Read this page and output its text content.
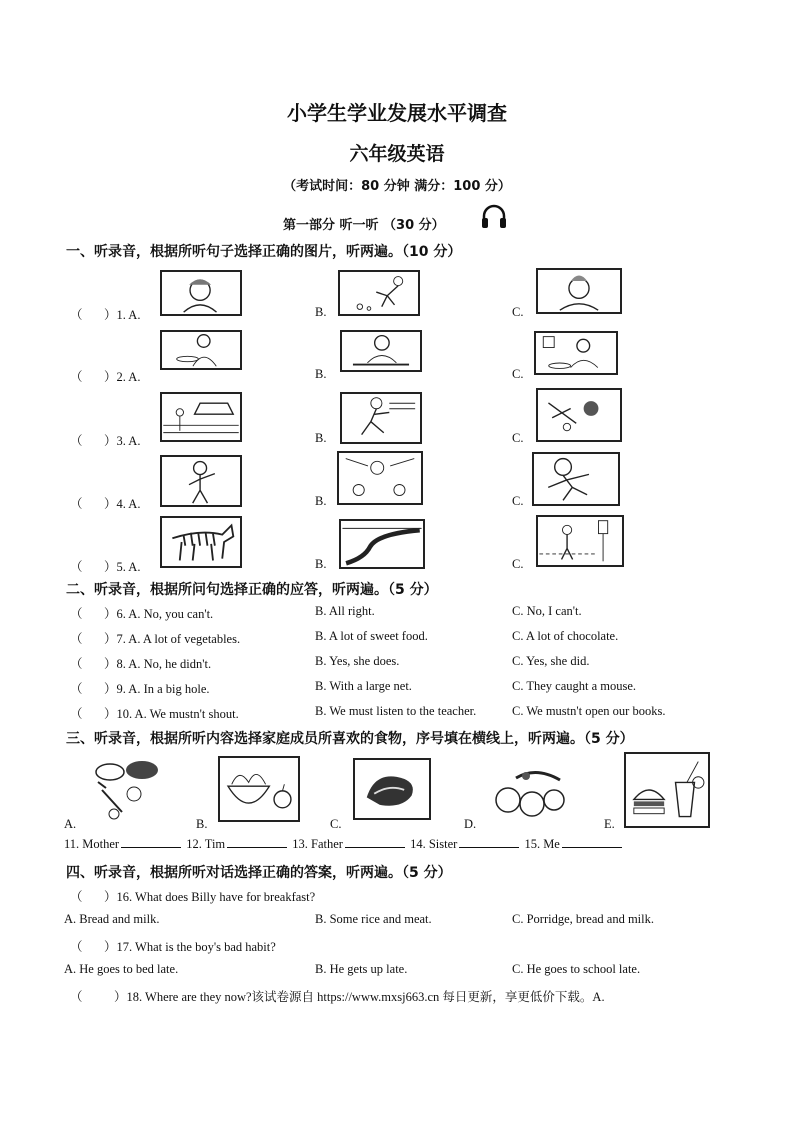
小学生学业发展水平调查
六年级英语
（考试时间：80 分钟 满分：100 分）
第一部分 听一听 （30 分）
一、听录音，根据所听句子选择正确的图片，听两遍。（10 分）
（ ）1. A.	B.	C.
（ ）2. A.	B.	C.
（ ）3. A.	B.	C.
（ ）4. A.	B.	C.
（ ）5. A.	B.	C.
二、听录音，根据所问句选择正确的应答，听两遍。（5 分）
（ ）6. A. No, you can't.	B. All right.	C. No, I can't.
（ ）7. A. A lot of vegetables.	B. A lot of sweet food.	C. A lot of chocolate.
（ ）8. A. No, he didn't.	B. Yes, she does.	C. Yes, she did.
（ ）9. A. In a big hole.	B. With a large net.	C. They caught a mouse.
（ ）10. A. We mustn't shout.	B. We must listen to the teacher.	C. We mustn't open our books.
三、听录音，根据所听内容选择家庭成员所喜欢的食物，序号填在横线上，听两遍。（5 分）
A.	B.	C.	D.	E.
11. Mother	12. Tim	13. Father	14. Sister	15. Me
四、听录音，根据所听对话选择正确的答案，听两遍。（5 分）
（ ）16. What does Billy have for breakfast?
A. Bread and milk.	B. Some rice and meat.	C. Porridge, bread and milk.
（ ）17. What is the boy's bad habit?
A. He goes to bed late.	B. He gets up late.	C. He goes to school late.
（	）18. Where are they now?该试卷源自 https://www.mxsj663.cn 每日更新，享更低价下载。A.
